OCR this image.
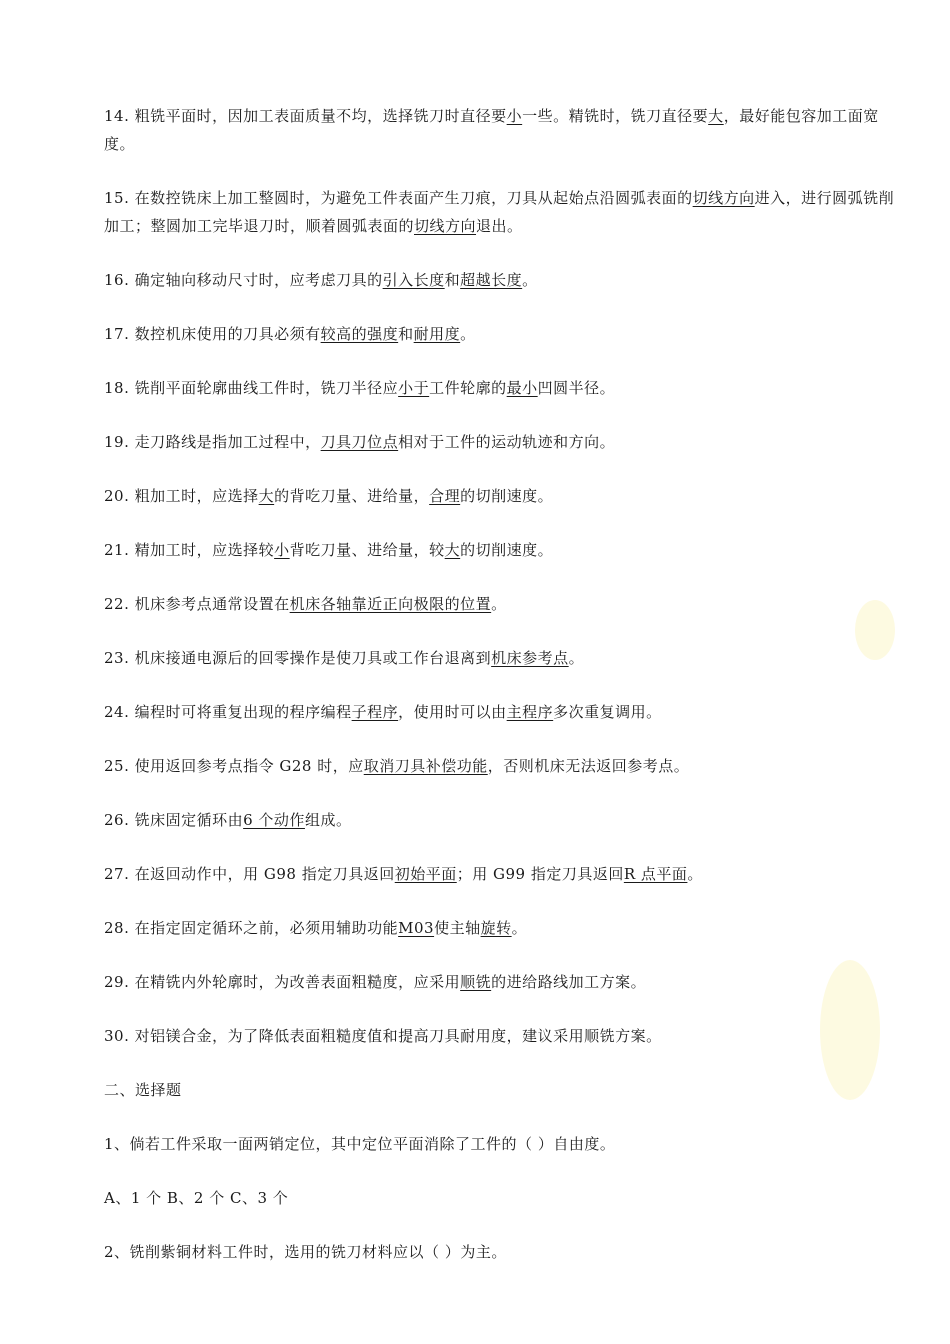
14. 粗铣平面时，因加工表面质量不均，选择铣刀时直径要小一些。精铣时，铣刀直径要大，最好能包容加工面宽度。
15. 在数控铣床上加工整圆时，为避免工件表面产生刀痕，刀具从起始点沿圆弧表面的切线方向进入，进行圆弧铣削加工；整圆加工完毕退刀时，顺着圆弧表面的切线方向退出。
16. 确定轴向移动尺寸时，应考虑刀具的引入长度和超越长度。
17. 数控机床使用的刀具必须有较高的强度和耐用度。
18. 铣削平面轮廓曲线工件时，铣刀半径应小于工件轮廓的最小凹圆半径。
19. 走刀路线是指加工过程中，刀具刀位点相对于工件的运动轨迹和方向。
20. 粗加工时，应选择大的背吃刀量、进给量，合理的切削速度。
21. 精加工时，应选择较小背吃刀量、进给量，较大的切削速度。
22. 机床参考点通常设置在机床各轴靠近正向极限的位置。
23. 机床接通电源后的回零操作是使刀具或工作台退离到机床参考点。
24. 编程时可将重复出现的程序编程子程序，使用时可以由主程序多次重复调用。
25. 使用返回参考点指令 G28 时，应取消刀具补偿功能，否则机床无法返回参考点。
26. 铣床固定循环由6 个动作组成。
27. 在返回动作中，用 G98 指定刀具返回初始平面；用 G99 指定刀具返回R 点平面。
28. 在指定固定循环之前，必须用辅助功能M03使主轴旋转。
29. 在精铣内外轮廓时，为改善表面粗糙度，应采用顺铣的进给路线加工方案。
30. 对铝镁合金，为了降低表面粗糙度值和提高刀具耐用度，建议采用顺铣方案。
二、选择题
1、倘若工件采取一面两销定位，其中定位平面消除了工件的（ ）自由度。
A、1 个 B、2 个 C、3 个
2、铣削紫铜材料工件时，选用的铣刀材料应以（ ）为主。
